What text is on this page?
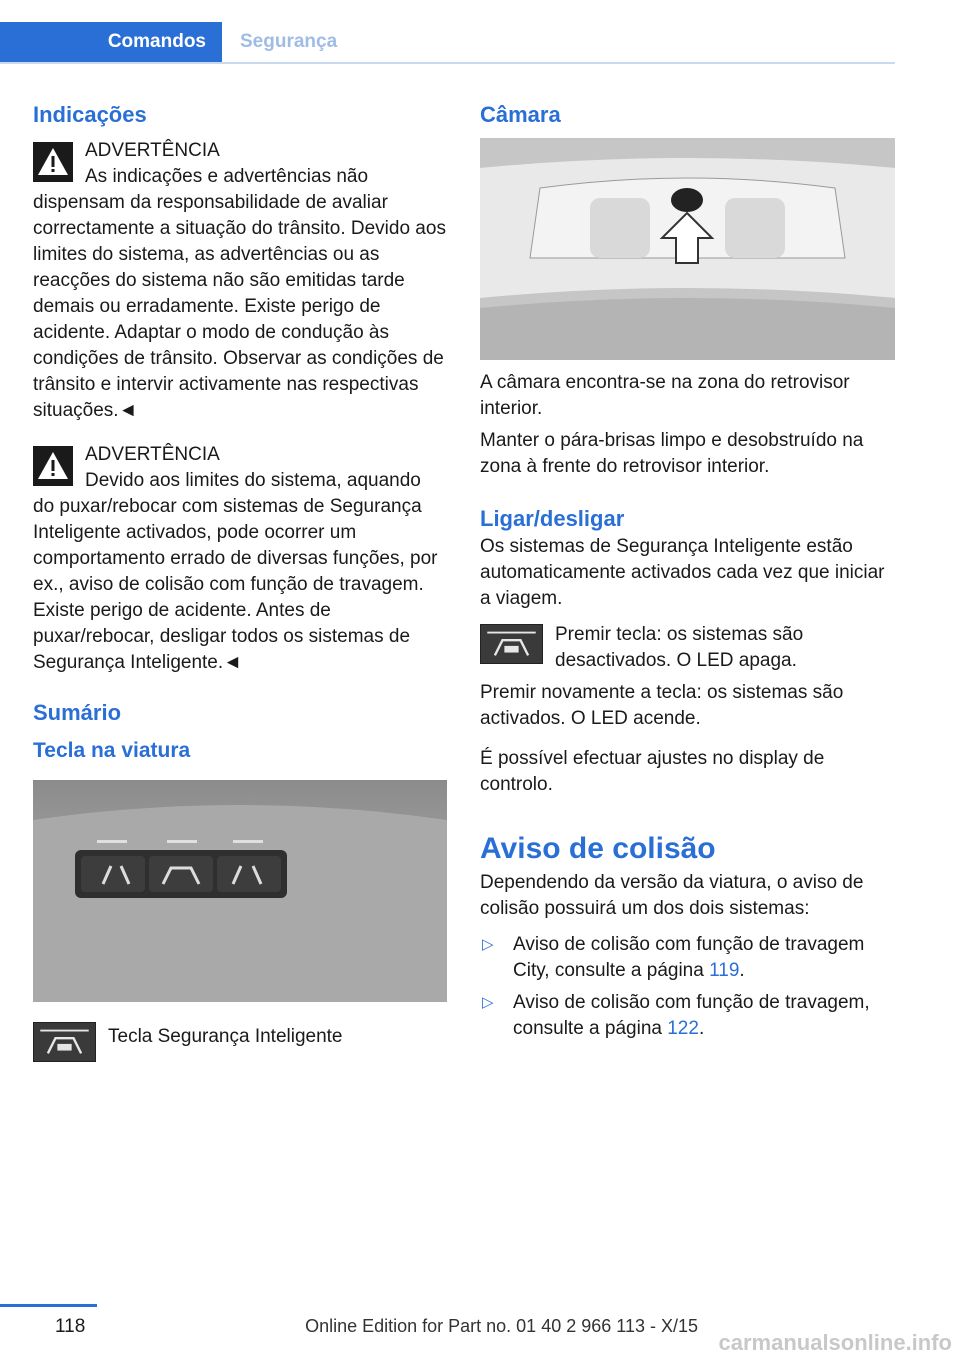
Comandos	Segurança
Indicações

ADVERTÊNCIA

As indicações e advertências não dispensam da responsabilidade de avaliar correctamente a situação do trânsito. Devido aos limites do sistema, as advertências ou as reacções do sistema não são emitidas tarde demais ou erradamente. Existe perigo de acidente. Adaptar o modo de condução às condições de trânsito. Observar as condições de trânsito e intervir activamente nas respectivas situações.◄

ADVERTÊNCIA

Devido aos limites do sistema, aquando do puxar/rebocar com sistemas de Segurança Inteligente activados, pode ocorrer um comportamento errado de diversas funções, por ex., aviso de colisão com função de travagem. Existe perigo de acidente. Antes de puxar/rebocar, desligar todos os sistemas de Segurança Inteligente.◄

Sumário
Tecla na viatura

Tecla Segurança Inteligente

Câmara

A câmara encontra-se na zona do retrovisor interior.

Manter o pára-brisas limpo e desobstruído na zona à frente do retrovisor interior.

Ligar/desligar

Os sistemas de Segurança Inteligente estão automaticamente activados cada vez que iniciar a viagem.

Premir tecla: os sistemas são desactivados. O LED apaga.

Premir novamente a tecla: os sistemas são activados. O LED acende.

É possível efectuar ajustes no display de controlo.

Aviso de colisão

Dependendo da versão da viatura, o aviso de colisão possuirá um dos dois sistemas:

▷ Aviso de colisão com função de travagem City, consulte a página 119.
▷ Aviso de colisão com função de travagem, consulte a página 122.
118	Online Edition for Part no. 01 40 2 966 113 - X/15
carmanualsonline.info
